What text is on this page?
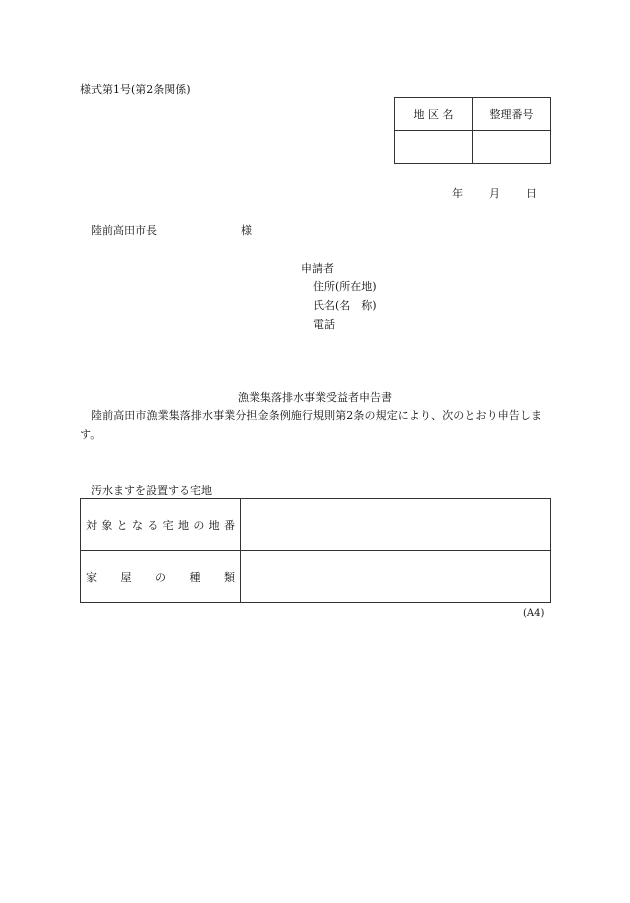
様式第1号(第2条関係)
地 区 名	整理番号

年 月 日
陸前高田市長	様
申請者
住所(所在地)
氏名(名　称)
電話
漁業集落排水事業受益者申告書
陸前高田市漁業集落排水事業分担金条例施行規則第2条の規定により、次のとおり申告します。
汚水ますを設置する宅地
対象となる宅地の地番	
家屋の種類	
(A4)
